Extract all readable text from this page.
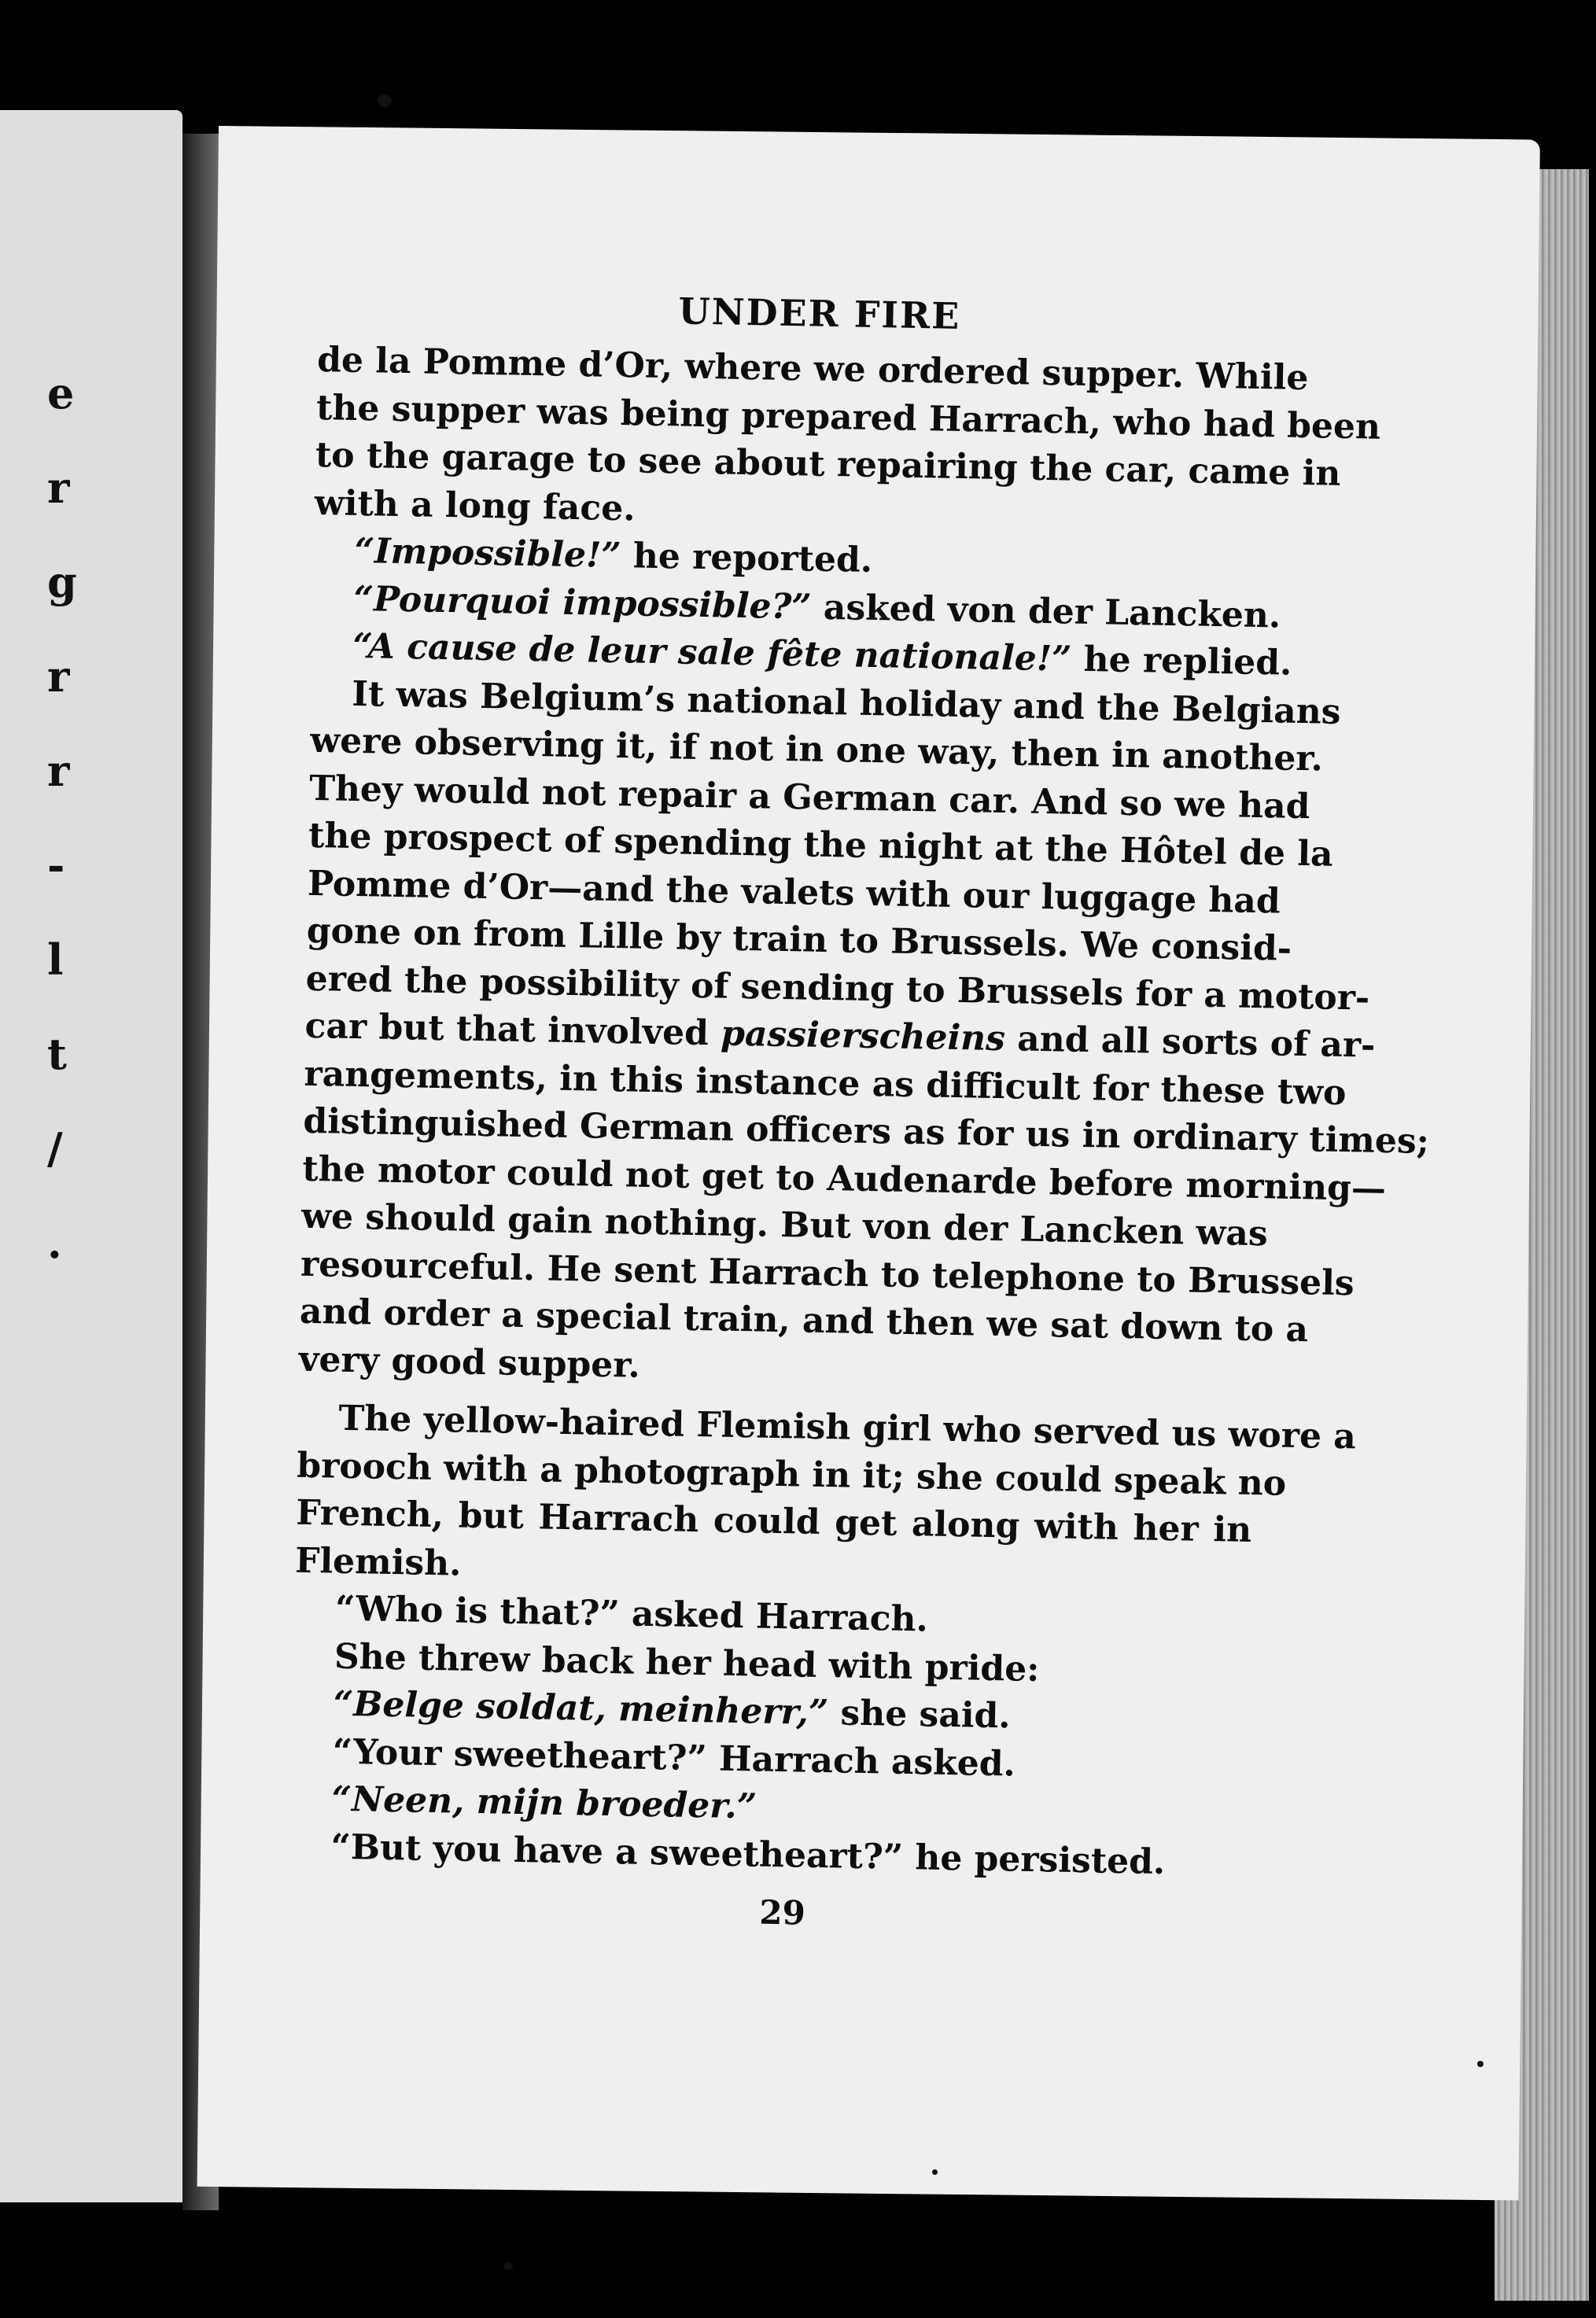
e
r
g
r
r
-
l
t
/
.
UNDER FIRE
de la Pomme d’Or, where we ordered supper. While
the supper was being prepared Harrach, who had been
to the garage to see about repairing the car, came in
with a long face.
“Impossible!” he reported.
“Pourquoi impossible?” asked von der Lancken.
“A cause de leur sale fête nationale!” he replied.
It was Belgium’s national holiday and the Belgians
were observing it, if not in one way, then in another.
They would not repair a German car. And so we had
the prospect of spending the night at the Hôtel de la
Pomme d’Or—and the valets with our luggage had
gone on from Lille by train to Brussels. We consid-
ered the possibility of sending to Brussels for a motor-
car but that involved passierscheins and all sorts of ar-
rangements, in this instance as difficult for these two
distinguished German officers as for us in ordinary times;
the motor could not get to Audenarde before morning—
we should gain nothing. But von der Lancken was
resourceful. He sent Harrach to telephone to Brussels
and order a special train, and then we sat down to a
very good supper.
The yellow-haired Flemish girl who served us wore a
brooch with a photograph in it; she could speak no
French, but Harrach could get along with her in
Flemish.
“Who is that?” asked Harrach.
She threw back her head with pride:
“Belge soldat, meinherr,” she said.
“Your sweetheart?” Harrach asked.
“Neen, mijn broeder.”
“But you have a sweetheart?” he persisted.
29
